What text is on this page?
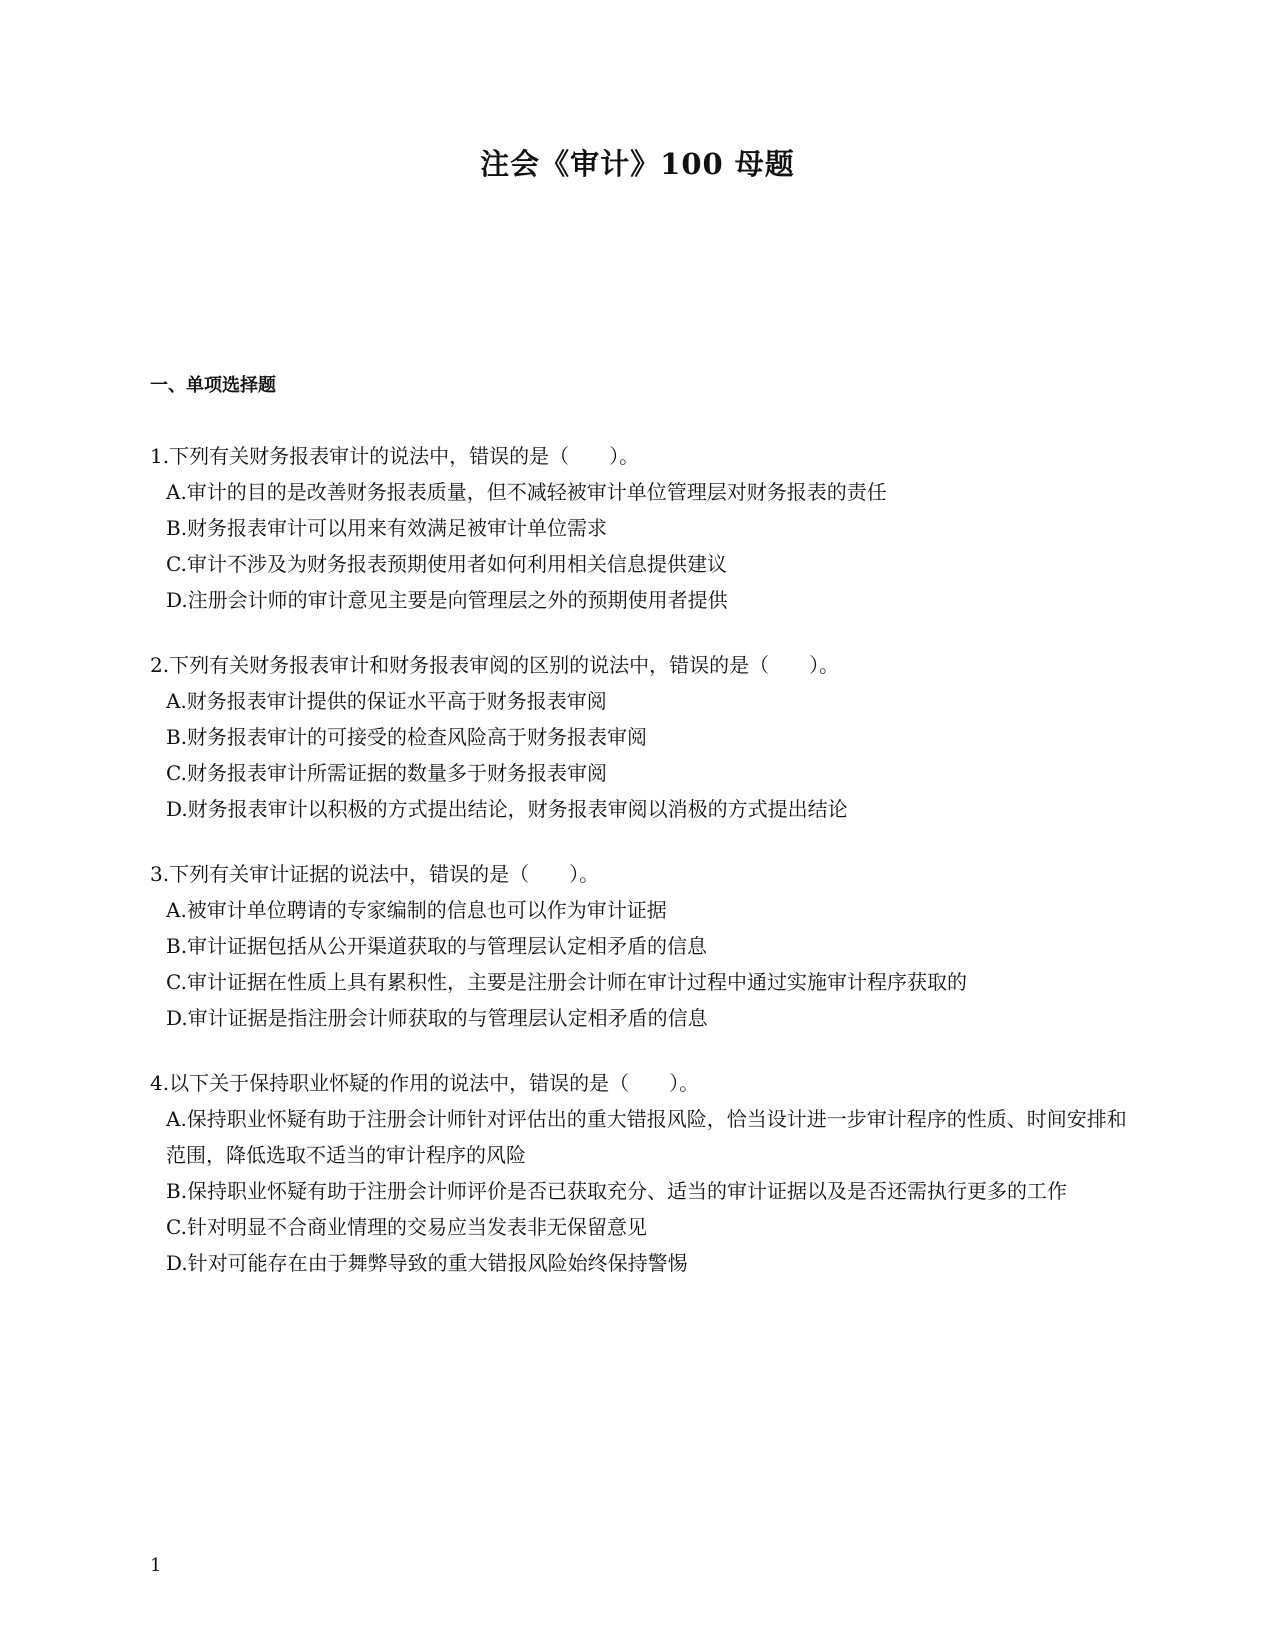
注会《审计》100 母题
一、单项选择题

1.下列有关财务报表审计的说法中，错误的是（　　）。

A.审计的目的是改善财务报表质量，但不减轻被审计单位管理层对财务报表的责任

B.财务报表审计可以用来有效满足被审计单位需求

C.审计不涉及为财务报表预期使用者如何利用相关信息提供建议

D.注册会计师的审计意见主要是向管理层之外的预期使用者提供

2.下列有关财务报表审计和财务报表审阅的区别的说法中，错误的是（　　）。

A.财务报表审计提供的保证水平高于财务报表审阅

B.财务报表审计的可接受的检查风险高于财务报表审阅

C.财务报表审计所需证据的数量多于财务报表审阅

D.财务报表审计以积极的方式提出结论，财务报表审阅以消极的方式提出结论

3.下列有关审计证据的说法中，错误的是（　　）。

A.被审计单位聘请的专家编制的信息也可以作为审计证据

B.审计证据包括从公开渠道获取的与管理层认定相矛盾的信息

C.审计证据在性质上具有累积性，主要是注册会计师在审计过程中通过实施审计程序获取的

D.审计证据是指注册会计师获取的与管理层认定相矛盾的信息

4.以下关于保持职业怀疑的作用的说法中，错误的是（　　）。

A.保持职业怀疑有助于注册会计师针对评估出的重大错报风险，恰当设计进一步审计程序的性质、时间安排和范围，降低选取不适当的审计程序的风险

B.保持职业怀疑有助于注册会计师评价是否已获取充分、适当的审计证据以及是否还需执行更多的工作

C.针对明显不合商业情理的交易应当发表非无保留意见

D.针对可能存在由于舞弊导致的重大错报风险始终保持警惕

1
